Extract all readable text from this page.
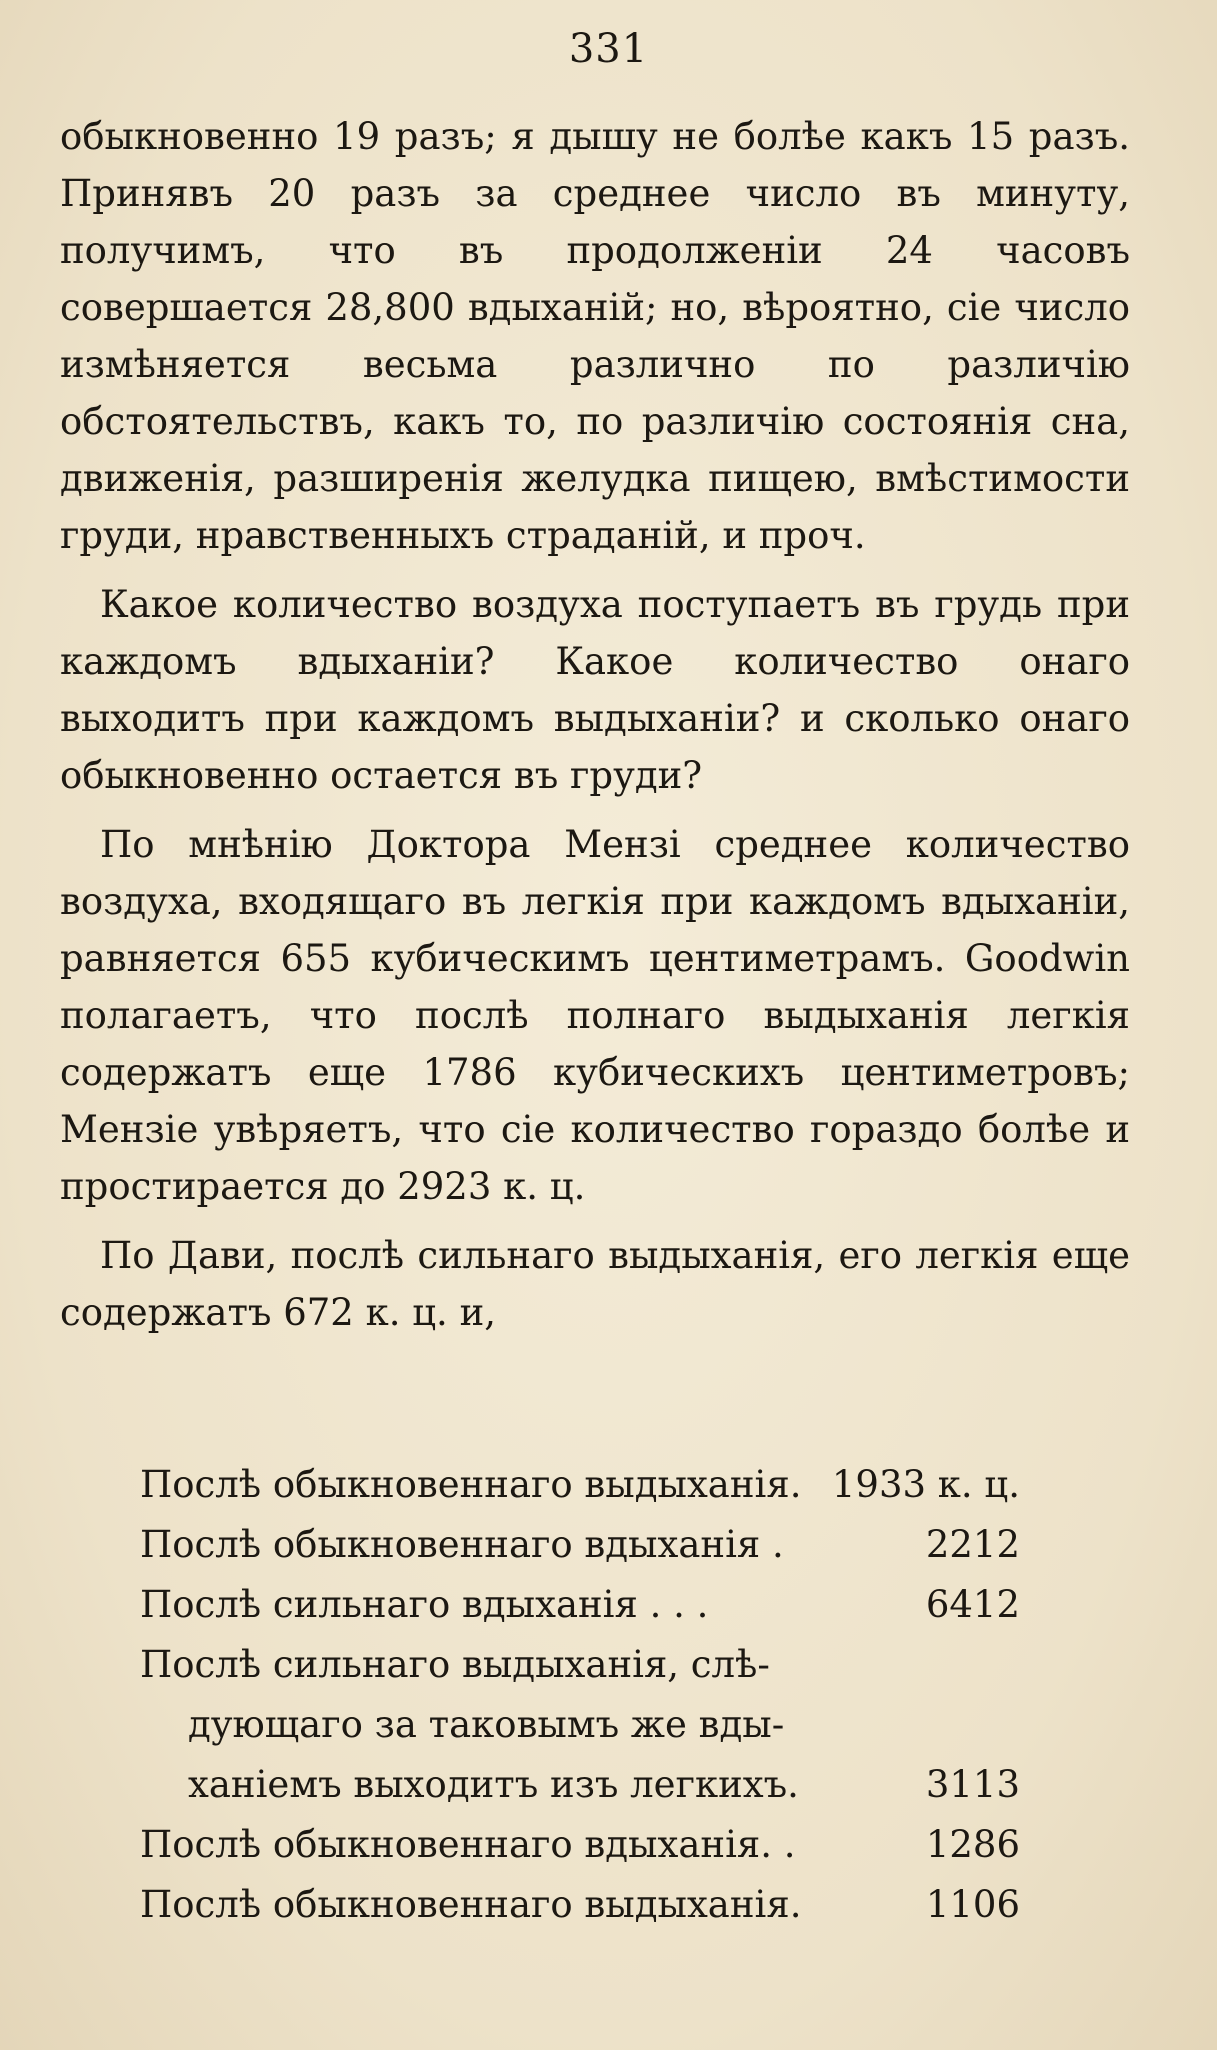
331

обыкновенно 19 разъ; я дышу не болѣе какъ 15 разъ. Принявъ 20 разъ за среднее число въ минуту, получимъ, что въ продолженіи 24 часовъ совершается 28,800 вдыханій; но, вѣроятно, сіе число измѣняется весьма различно по различію обстоятельствъ, какъ то, по различію состоянія сна, движенія, разширенія желудка пищею, вмѣстимости груди, нравственныхъ страданій, и проч.

Какое количество воздуха поступаетъ въ грудь при каждомъ вдыханіи? Какое количество онаго выходитъ при каждомъ выдыханіи? и сколько онаго обыкновенно остается въ груди?

По мнѣнію Доктора Мензі среднее количество воздуха, входящаго въ легкія при каждомъ вдыханіи, равняется 655 кубическимъ центиметрамъ. Goodwin полагаетъ, что послѣ полнаго выдыханія легкія содержатъ еще 1786 кубическихъ центиметровъ; Мензіе увѣряетъ, что сіе количество гораздо болѣе и простирается до 2923 к. ц.

По Дави, послѣ сильнаго выдыханія, его легкія еще содержатъ 672 к. ц. и,

Послѣ обыкновеннаго выдыханія. 1933 к. ц.
Послѣ обыкновеннаго вдыханія .	2212
Послѣ сильнаго вдыханія . . .	6412
Послѣ сильнаго выдыханія, слѣ-
дующаго за таковымъ же вды-
ханіемъ выходитъ изъ легкихъ.	3113
Послѣ обыкновеннаго вдыханія. .	1286
Послѣ обыкновеннаго выдыханія.	1106
